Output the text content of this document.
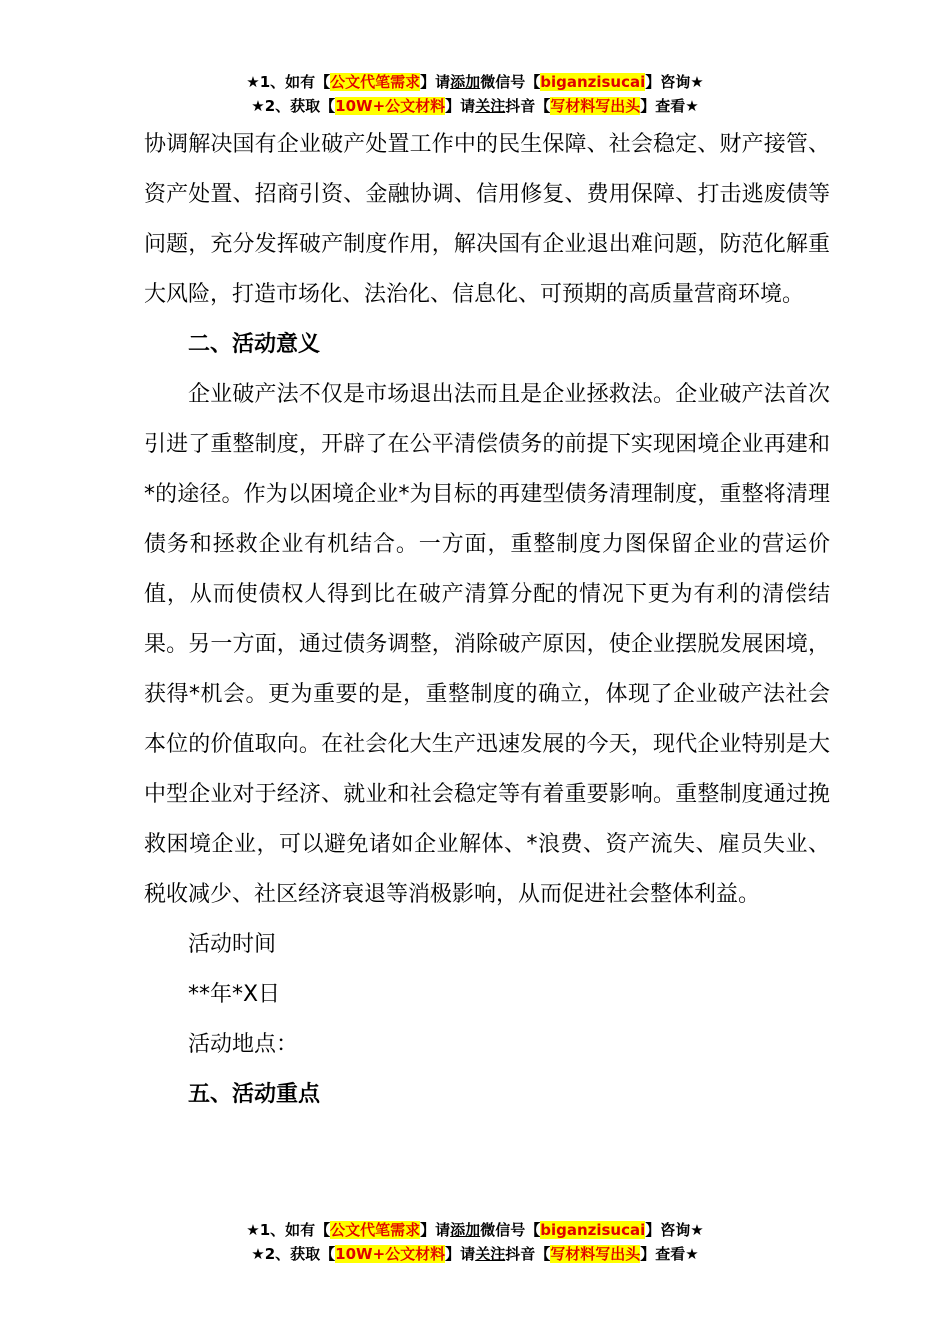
★1、如有【公文代笔需求】请添加微信号【biganzisucai】咨询★
★2、获取【10W+公文材料】请关注抖音【写材料写出头】查看★

协调解决国有企业破产处置工作中的民生保障、社会稳定、财产接管、资产处置、招商引资、金融协调、信用修复、费用保障、打击逃废债等问题，充分发挥破产制度作用，解决国有企业退出难问题，防范化解重大风险，打造市场化、法治化、信息化、可预期的高质量营商环境。

二、活动意义

企业破产法不仅是市场退出法而且是企业拯救法。企业破产法首次引进了重整制度，开辟了在公平清偿债务的前提下实现困境企业再建和*的途径。作为以困境企业*为目标的再建型债务清理制度，重整将清理债务和拯救企业有机结合。一方面，重整制度力图保留企业的营运价值，从而使债权人得到比在破产清算分配的情况下更为有利的清偿结果。另一方面，通过债务调整，消除破产原因，使企业摆脱发展困境，获得*机会。更为重要的是，重整制度的确立，体现了企业破产法社会本位的价值取向。在社会化大生产迅速发展的今天，现代企业特别是大中型企业对于经济、就业和社会稳定等有着重要影响。重整制度通过挽救困境企业，可以避免诸如企业解体、*浪费、资产流失、雇员失业、税收减少、社区经济衰退等消极影响，从而促进社会整体利益。

活动时间

**年*X日

活动地点：

五、活动重点

★1、如有【公文代笔需求】请添加微信号【biganzisucai】咨询★
★2、获取【10W+公文材料】请关注抖音【写材料写出头】查看★
